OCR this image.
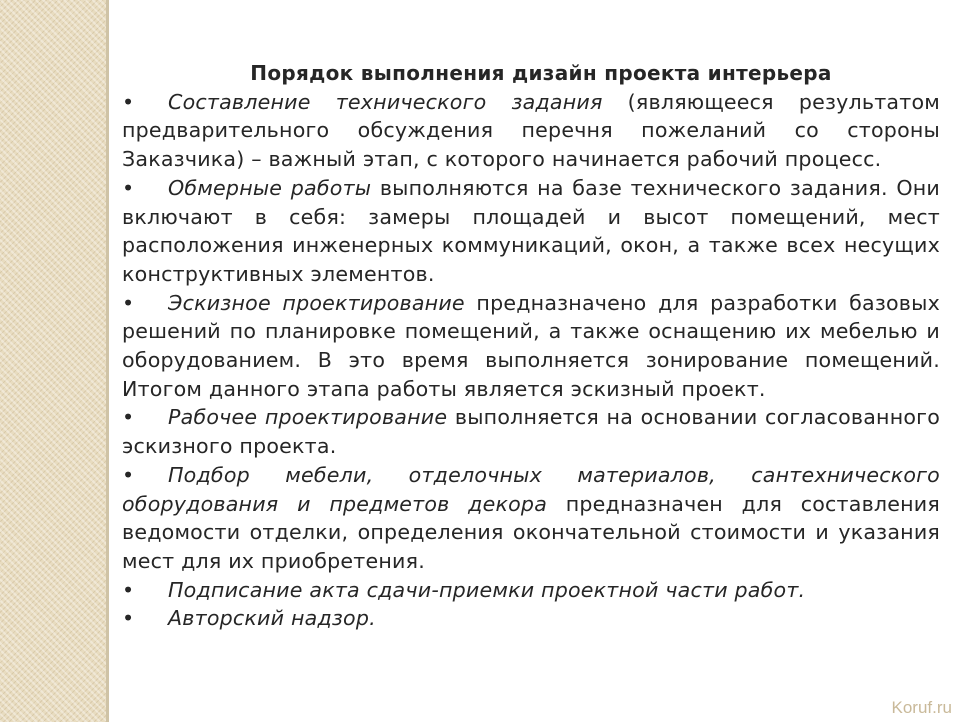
Порядок выполнения дизайн проекта интерьера

• Составление технического задания (являющееся результатом предварительного обсуждения перечня пожеланий со стороны Заказчика) – важный этап, с которого начинается рабочий процесс.

• Обмерные работы выполняются на базе технического задания. Они включают в себя: замеры площадей и высот помещений, мест расположения инженерных коммуникаций, окон, а также всех несущих конструктивных элементов.

• Эскизное проектирование предназначено для разработки базовых решений по планировке помещений, а также оснащению их мебелью и оборудованием. В это время выполняется зонирование помещений. Итогом данного этапа работы является эскизный проект.

• Рабочее проектирование выполняется на основании согласованного эскизного проекта.

• Подбор мебели, отделочных материалов, сантехнического оборудования и предметов декора предназначен для составления ведомости отделки, определения окончательной стоимости и указания мест для их приобретения.

• Подписание акта сдачи-приемки проектной части работ.

• Авторский надзор.

Koruf.ru
